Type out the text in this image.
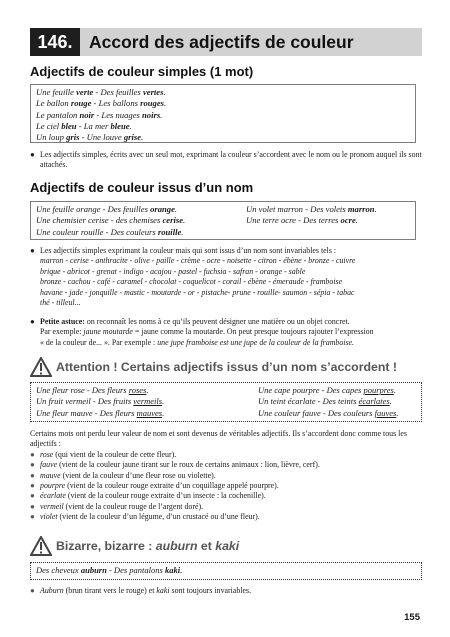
146. Accord des adjectifs de couleur
Adjectifs de couleur simples (1 mot)
Une feuille verte - Des feuilles vertes.
Le ballon rouge - Les ballons rouges.
Le pantalon noir - Les nuages noirs.
Le ciel bleu - La mer bleue.
Un loup gris - Une louve grise.
● Les adjectifs simples, écrits avec un seul mot, exprimant la couleur s’accordent avec le nom ou le pronom auquel ils sont attachés.
Adjectifs de couleur issus d’un nom
Une feuille orange - Des feuilles orange.
Une chemisier cerise - des chemises cerise.
Une couleur rouille - Des couleurs rouille.
Un volet marron - Des volets marron.
Une terre ocre - Des terres ocre.
● Les adjectifs simples exprimant la couleur mais qui sont issus d’un nom sont invariables tels :
marron - cerise - anthracite - olive - paille - crème - ocre - noisette - citron - ébène - bronze - cuivre
brique - abricot - grenat - indigo - acajou - pastel - fuchsia - safran - orange - sable
bronze - cachou - café - caramel - chocolat - coquelicot - corail - ébène - émeraude - framboise
havane - jade - jonquille - mastic - moutarde - or - pistache- prune - rouille- saumon - sépia - tabac
thé - tilleul...
● Petite astuce: on reconnaît les noms à ce qu’ils peuvent désigner une matière ou un objet concret.
Par exemple: jaune moutarde = jaune comme la moutarde. On peut presque toujours rajouter l’expression
« de la couleur de... ». Par exemple : une jupe framboise est une jupe de la couleur de la framboise.
Attention ! Certains adjectifs issus d’un nom s’accordent !
Une fleur rose - Des fleurs roses.
Un fruit vermeil - Des fruits vermeils.
Une fleur mauve - Des fleurs mauves.
Une cape pourpre - Des capes pourpres.
Un teint écarlate - Des teints écarlates.
Une couleur fauve - Des couleurs fauves.
Certains mots ont perdu leur valeur de nom et sont devenus de véritables adjectifs. Ils s’accordent donc comme tous les adjectifs :
● rose (qui vient de la couleur de cette fleur).
● fauve (vient de la couleur jaune tirant sur le roux de certains animaux : lion, lièvre, cerf).
● mauve (vient de la couleur d’une fleur rose ou violette).
● pourpre (vient de la couleur rouge extraite d’un coquillage appelé pourpre).
● écarlate (vient de la couleur rouge extraite d’un insecte : la cochenille).
● vermeil (vient de la couleur rouge de l’argent doré).
● violet (vient de la couleur d’un légume, d’un crustacé ou d’une fleur).
Bizarre, bizarre : auburn et kaki
Des cheveux auburn - Des pantalons kaki.
● Auburn (brun tirant vers le rouge) et kaki sont toujours invariables.
155
